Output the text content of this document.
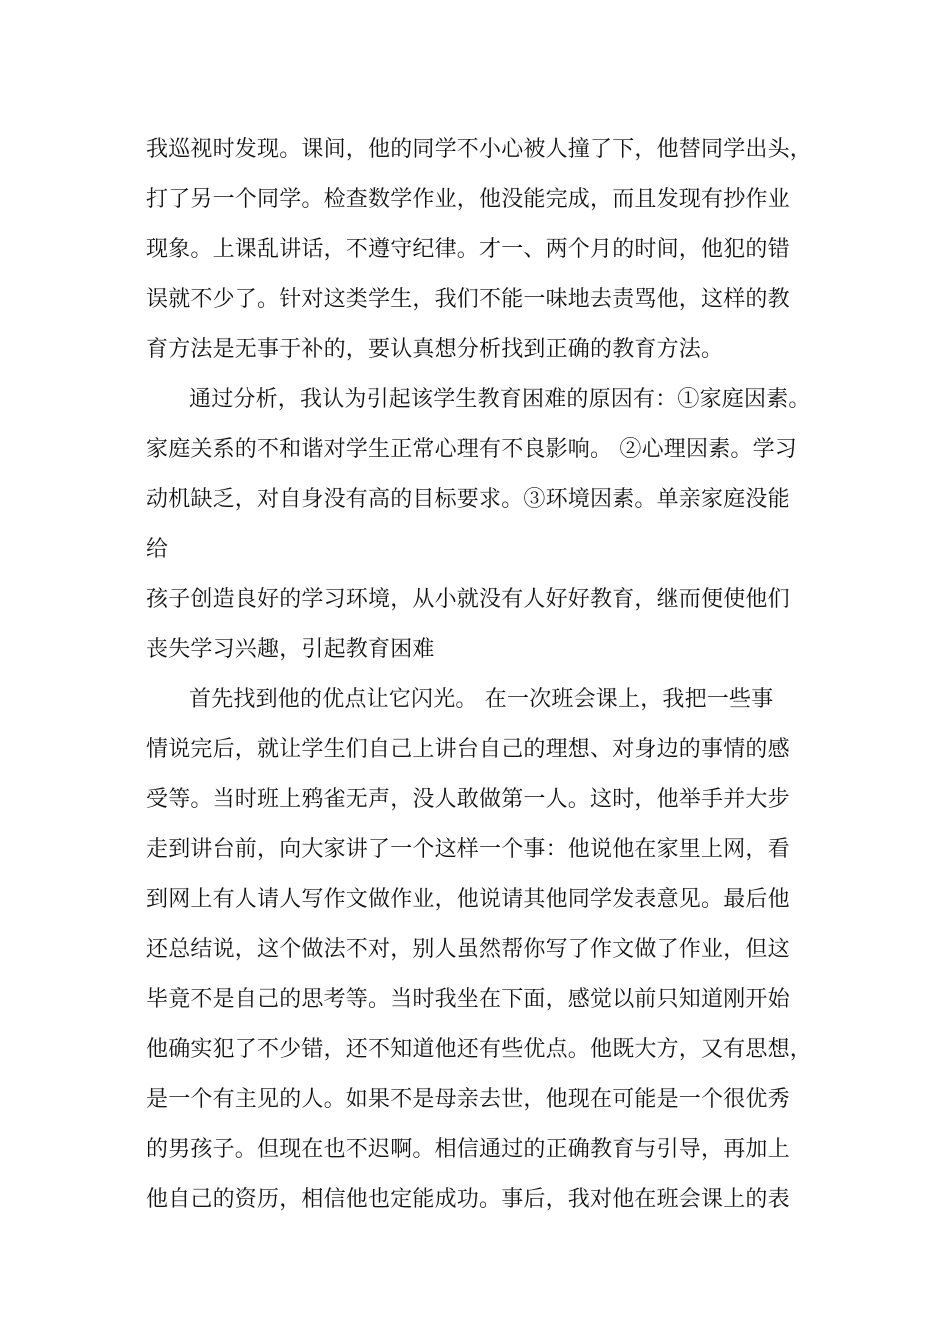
我巡视时发现。课间，他的同学不小心被人撞了下，他替同学出头，
打了另一个同学。检查数学作业，他没能完成，而且发现有抄作业
现象。上课乱讲话，不遵守纪律。才一、两个月的时间，他犯的错
误就不少了。针对这类学生，我们不能一味地去责骂他，这样的教
育方法是无事于补的，要认真想分析找到正确的教育方法。
通过分析，我认为引起该学生教育困难的原因有：①家庭因素。
家庭关系的不和谐对学生正常心理有不良影响。 ②心理因素。学习
动机缺乏，对自身没有高的目标要求。③环境因素。单亲家庭没能
给
孩子创造良好的学习环境，从小就没有人好好教育，继而便使他们
丧失学习兴趣，引起教育困难
首先找到他的优点让它闪光。 在一次班会课上，我把一些事
情说完后，就让学生们自己上讲台自己的理想、对身边的事情的感
受等。当时班上鸦雀无声，没人敢做第一人。这时，他举手并大步
走到讲台前，向大家讲了一个这样一个事：他说他在家里上网，看
到网上有人请人写作文做作业，他说请其他同学发表意见。最后他
还总结说，这个做法不对，别人虽然帮你写了作文做了作业，但这
毕竟不是自己的思考等。当时我坐在下面，感觉以前只知道刚开始
他确实犯了不少错，还不知道他还有些优点。他既大方，又有思想，
是一个有主见的人。如果不是母亲去世，他现在可能是一个很优秀
的男孩子。但现在也不迟啊。相信通过的正确教育与引导，再加上
他自己的资历，相信他也定能成功。事后，我对他在班会课上的表
